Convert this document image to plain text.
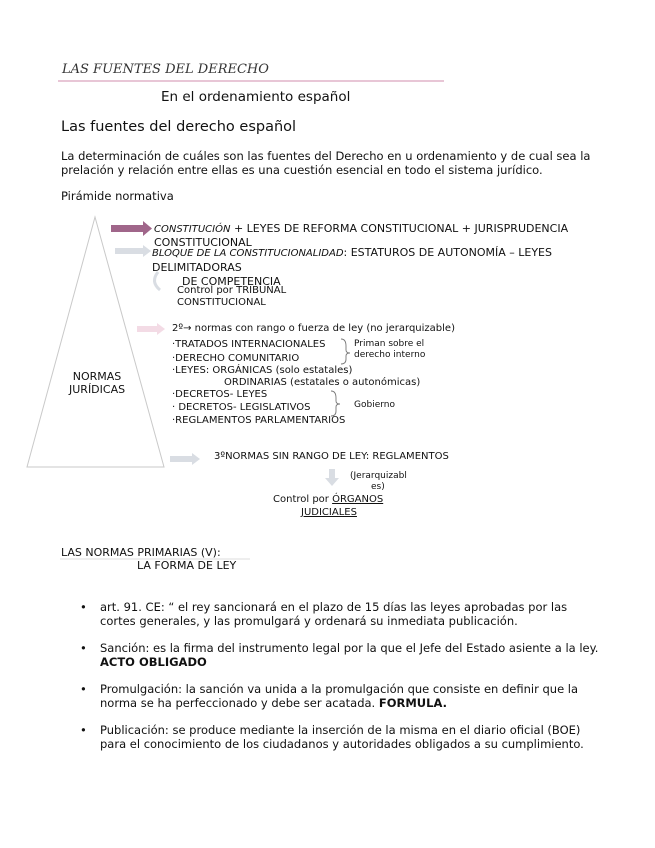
LAS FUENTES DEL DERECHO
En el ordenamiento español
Las fuentes del derecho español
La determinación de cuáles son las fuentes del Derecho en u ordenamiento y de cual sea la prelación y relación entre ellas es una cuestión esencial en todo el sistema jurídico.
Pirámide normativa
NORMAS
JURÍDICAS
CONSTITUCIÓN + LEYES DE REFORMA CONSTITUCIONAL + JURISPRUDENCIA
CONSTITUCIONAL
BLOQUE DE LA CONSTITUCIONALIDAD: ESTATUROS DE AUTONOMÍA – LEYES
DELIMITADORAS
DE COMPETENCIA
Control por TRIBUNAL
CONSTITUCIONAL
2º→ normas con rango o fuerza de ley (no jerarquizable)
·TRATADOS INTERNACIONALES
·DERECHO COMUNITARIO
·LEYES: ORGÁNICAS (solo estatales)
ORDINARIAS (estatales o autonómicas)
·DECRETOS- LEYES
· DECRETOS- LEGISLATIVOS
·REGLAMENTOS PARLAMENTARIOS
Priman sobre el
derecho interno
Gobierno
3ºNORMAS SIN RANGO DE LEY: REGLAMENTOS
(Jerarquizabl
es)
Control por ÓRGANOS
JUDICIALES
LAS NORMAS PRIMARIAS (V):
LA FORMA DE LEY
• art. 91. CE: “ el rey sancionará en el plazo de 15 días las leyes aprobadas por las cortes generales, y las promulgará y ordenará su inmediata publicación.
• Sanción: es la firma del instrumento legal por la que el Jefe del Estado asiente a la ley. ACTO OBLIGADO
• Promulgación: la sanción va unida a la promulgación que consiste en definir que la norma se ha perfeccionado y debe ser acatada. FORMULA.
• Publicación: se produce mediante la inserción de la misma en el diario oficial (BOE) para el conocimiento de los ciudadanos y autoridades obligados a su cumplimiento.
